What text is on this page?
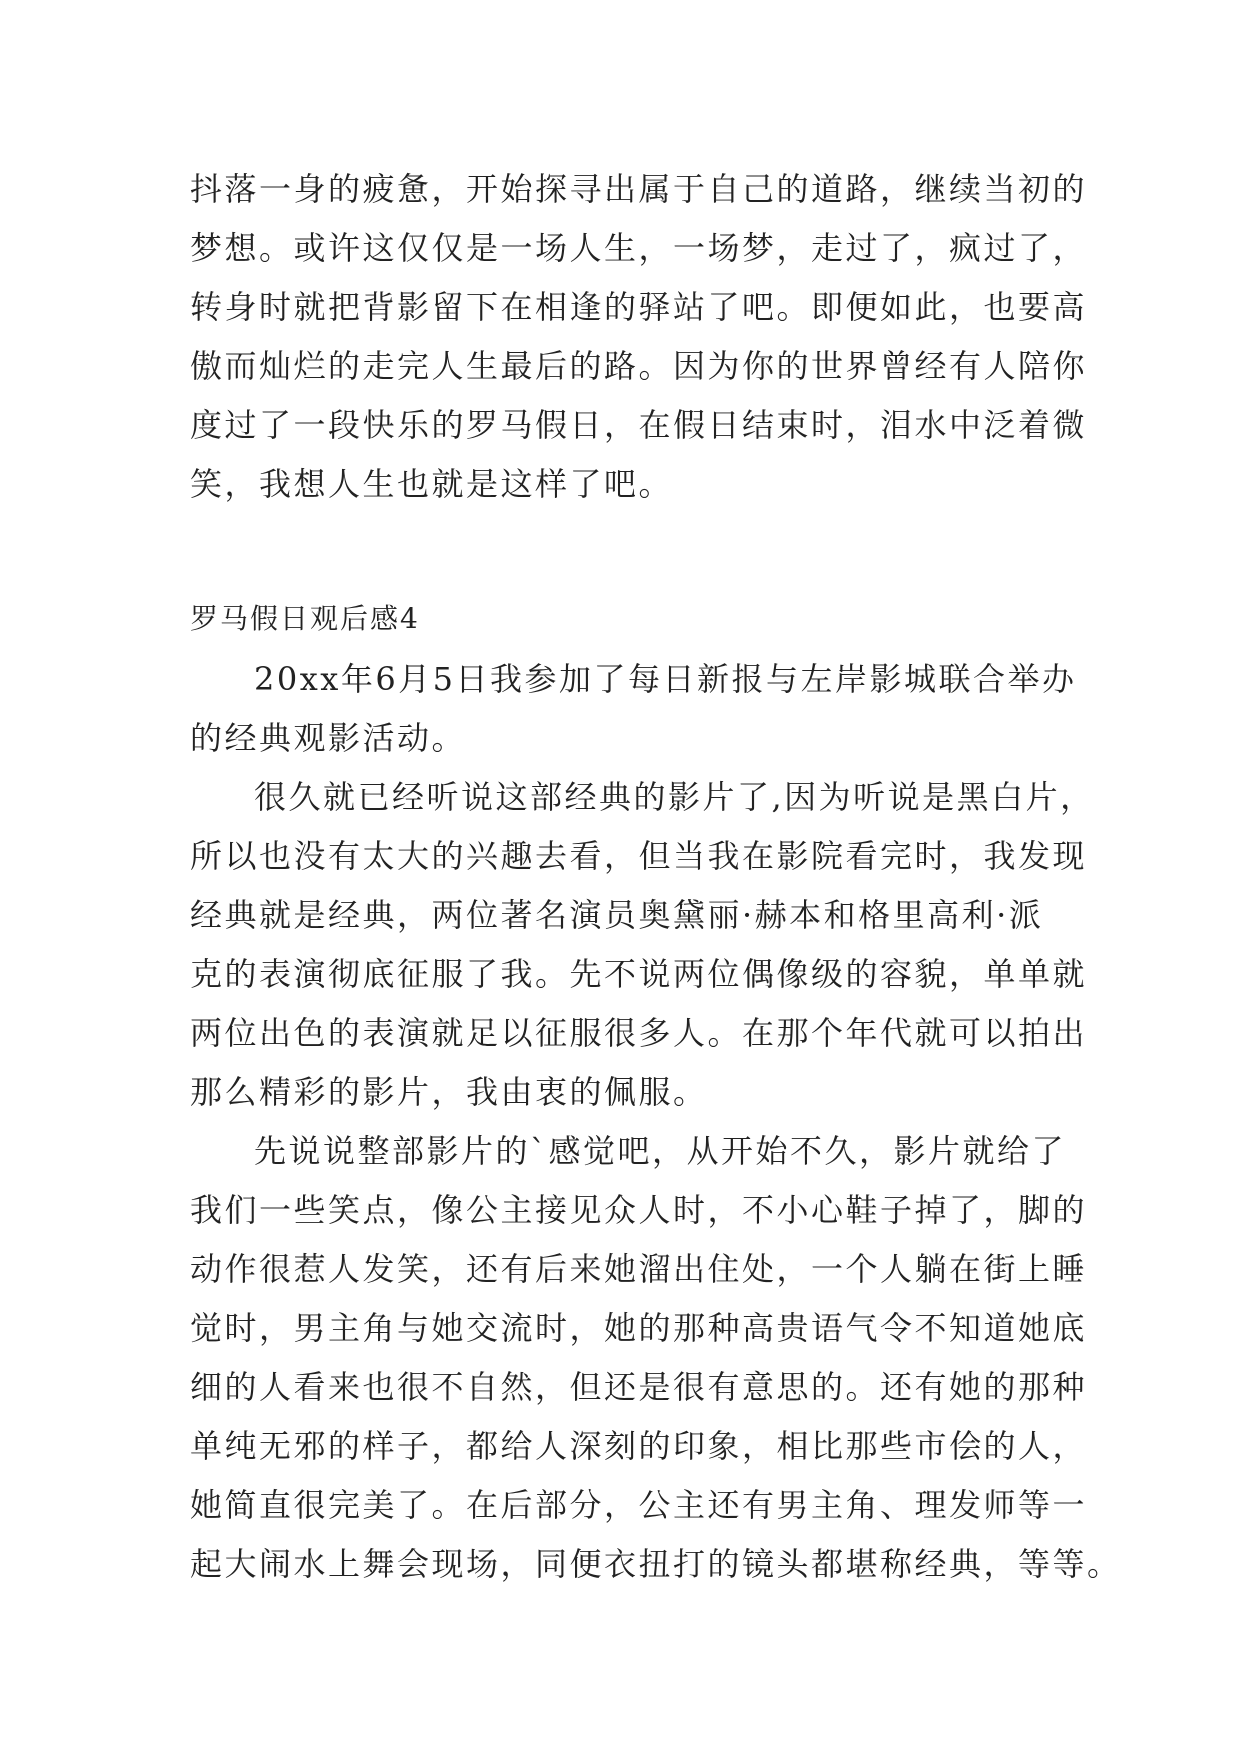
抖落一身的疲惫，开始探寻出属于自己的道路，继续当初的
梦想。或许这仅仅是一场人生，一场梦，走过了，疯过了，
转身时就把背影留下在相逢的驿站了吧。即便如此，也要高
傲而灿烂的走完人生最后的路。因为你的世界曾经有人陪你
度过了一段快乐的罗马假日，在假日结束时，泪水中泛着微
笑，我想人生也就是这样了吧。
罗马假日观后感4
20xx年6月5日我参加了每日新报与左岸影城联合举办
的经典观影活动。
很久就已经听说这部经典的影片了,因为听说是黑白片，
所以也没有太大的兴趣去看，但当我在影院看完时，我发现
经典就是经典，两位著名演员奥黛丽·赫本和格里高利·派
克的表演彻底征服了我。先不说两位偶像级的容貌，单单就
两位出色的表演就足以征服很多人。在那个年代就可以拍出
那么精彩的影片，我由衷的佩服。
先说说整部影片的`感觉吧，从开始不久，影片就给了
我们一些笑点，像公主接见众人时，不小心鞋子掉了，脚的
动作很惹人发笑，还有后来她溜出住处，一个人躺在街上睡
觉时，男主角与她交流时，她的那种高贵语气令不知道她底
细的人看来也很不自然，但还是很有意思的。还有她的那种
单纯无邪的样子，都给人深刻的印象，相比那些市侩的人，
她简直很完美了。在后部分，公主还有男主角、理发师等一
起大闹水上舞会现场，同便衣扭打的镜头都堪称经典，等等。
